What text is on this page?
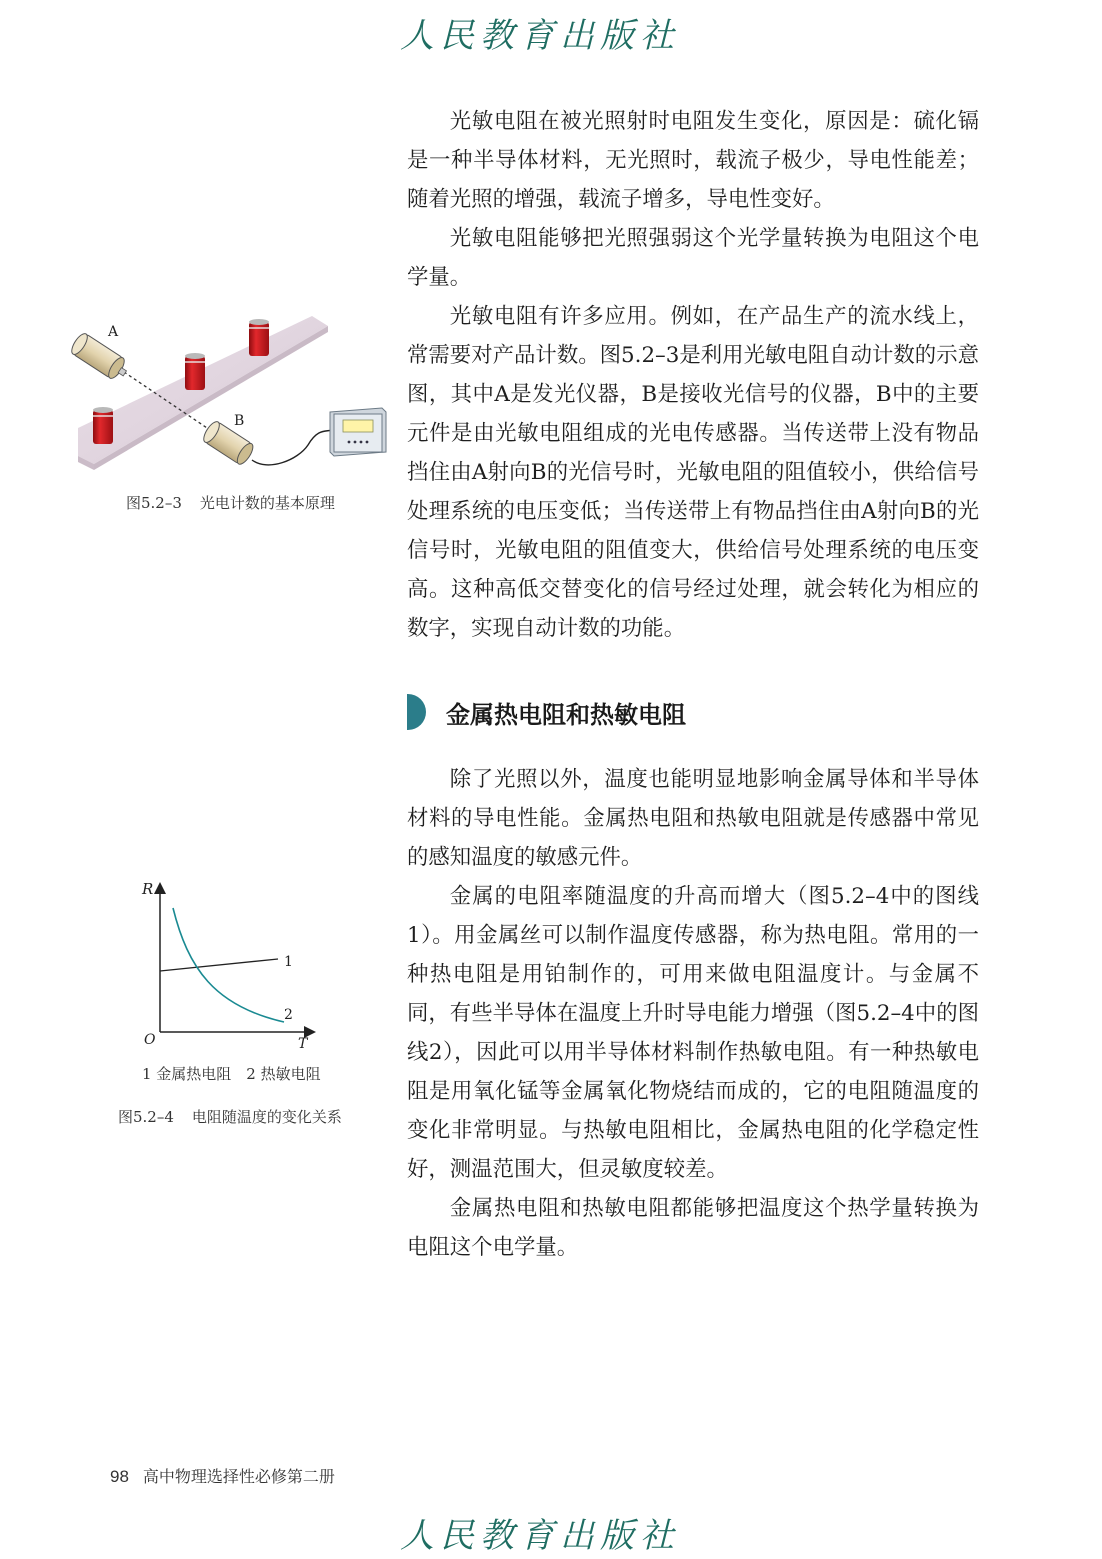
人民教育出版社

光敏电阻在被光照射时电阻发生变化，原因是：硫化镉是一种半导体材料，无光照时，载流子极少，导电性能差；随着光照的增强，载流子增多，导电性变好。

光敏电阻能够把光照强弱这个光学量转换为电阻这个电学量。

光敏电阻有许多应用。例如，在产品生产的流水线上，常需要对产品计数。图5.2–3是利用光敏电阻自动计数的示意图，其中A是发光仪器，B是接收光信号的仪器，B中的主要元件是由光敏电阻组成的光电传感器。当传送带上没有物品挡住由A射向B的光信号时，光敏电阻的阻值较小，供给信号处理系统的电压变低；当传送带上有物品挡住由A射向B的光信号时，光敏电阻的阻值变大，供给信号处理系统的电压变高。这种高低交替变化的信号经过处理，就会转化为相应的数字，实现自动计数的功能。

A
B
图5.2–3 光电计数的基本原理
金属热电阻和热敏电阻

除了光照以外，温度也能明显地影响金属导体和半导体材料的导电性能。金属热电阻和热敏电阻就是传感器中常见的感知温度的敏感元件。

金属的电阻率随温度的升高而增大（图5.2–4中的图线1）。用金属丝可以制作温度传感器，称为热电阻。常用的一种热电阻是用铂制作的，可用来做电阻温度计。与金属不同，有些半导体在温度上升时导电能力增强（图5.2–4中的图线2），因此可以用半导体材料制作热敏电阻。有一种热敏电阻是用氧化锰等金属氧化物烧结而成的，它的电阻随温度的变化非常明显。与热敏电阻相比，金属热电阻的化学稳定性好，测温范围大，但灵敏度较差。

金属热电阻和热敏电阻都能够把温度这个热学量转换为电阻这个电学量。

R
T
O
1
2
1 金属热电阻　2 热敏电阻
图5.2–4 电阻随温度的变化关系
98 高中物理选择性必修第二册
人民教育出版社
